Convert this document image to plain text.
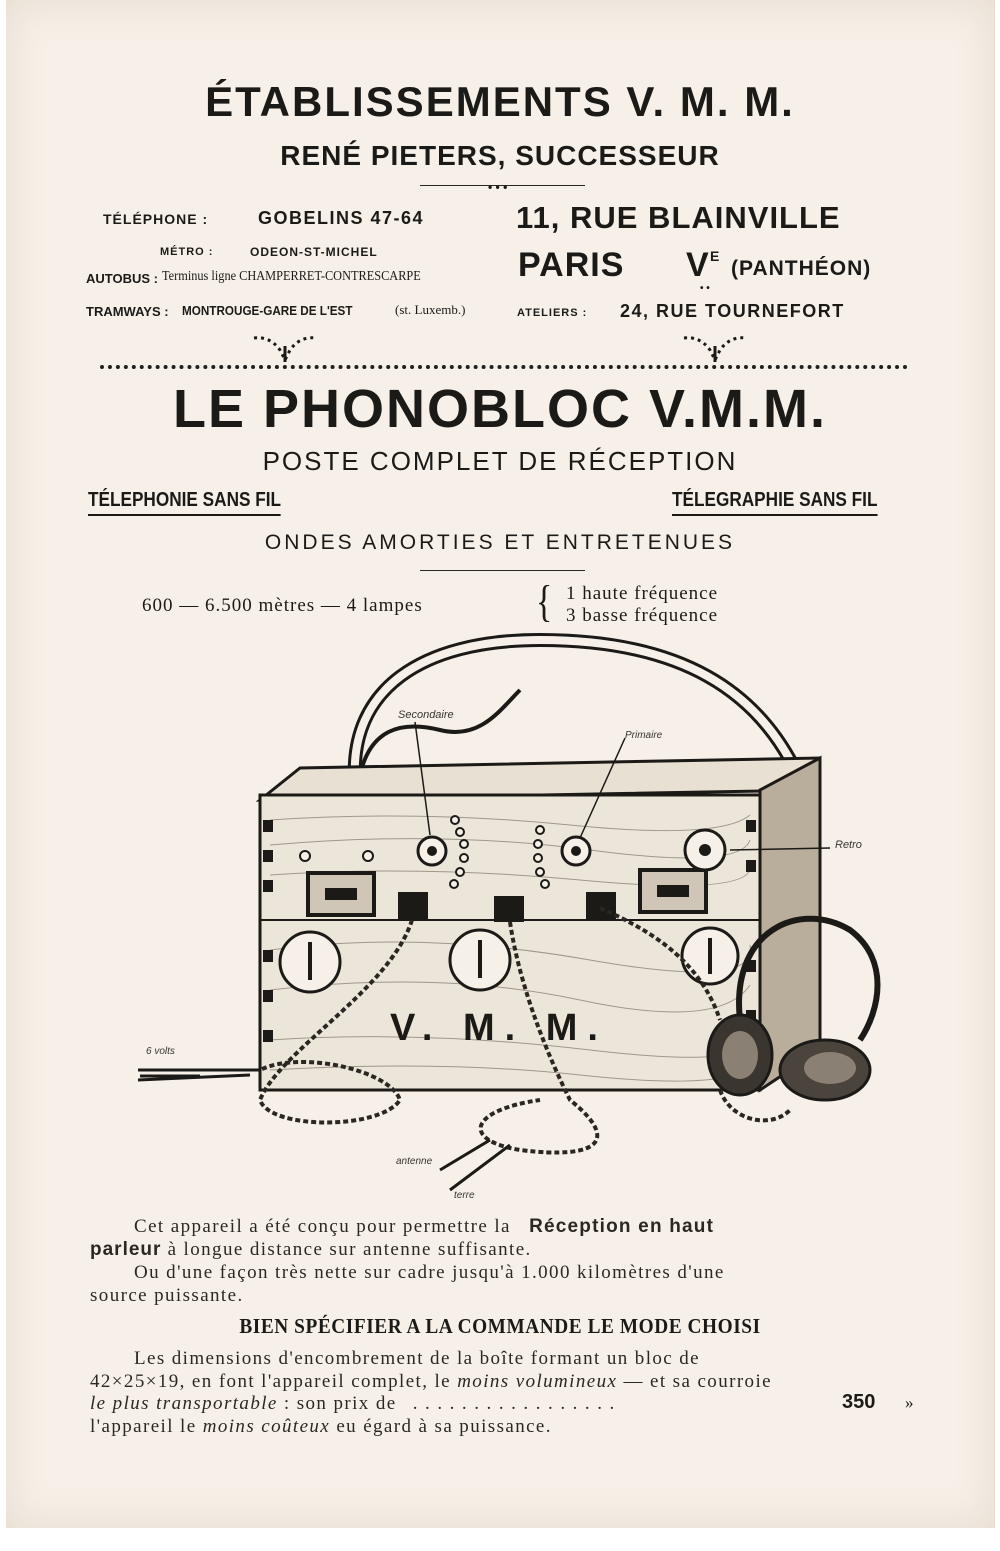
ÉTABLISSEMENTS V. M. M.
RENÉ PIETERS, SUCCESSEUR
• • •
TÉLÉPHONE :	GOBELINS 47-64
MÉTRO :	ODEON-ST-MICHEL
AUTOBUS : Terminus ligne CHAMPERRET-CONTRESCARPE
TRAMWAYS : MONTROUGE-GARE DE L'EST	(st. Luxemb.)
11, RUE BLAINVILLE
PARIS V E
(PANTHÉON)
ATELIERS : 24, RUE TOURNEFORT
• •
LE PHONOBLOC V.M.M.
POSTE COMPLET DE RÉCEPTION
TÉLEPHONIE SANS FIL	TÉLEGRAPHIE SANS FIL
ONDES AMORTIES ET ENTRETENUES
600 — 6.500 mètres — 4 lampes	{ 1 haute fréquence
3 basse fréquence
V. M. M.
Secondaire
Primaire
Retro
6 volts
antenne
terre
Cet appareil a été conçu pour permettre la Réception en haut
parleur à longue distance sur antenne suffisante.
Ou d'une façon très nette sur cadre jusqu'à 1.000 kilomètres d'une
source puissante.
BIEN SPÉCIFIER A LA COMMANDE LE MODE CHOISI
Les dimensions d'encombrement de la boîte formant un bloc de
42×25×19, en font l'appareil complet, le moins volumineux — et sa courroie
le plus transportable : son prix de . . . . . . . . . . . . . . . . .	350 »
l'appareil le moins coûteux eu égard à sa puissance.
